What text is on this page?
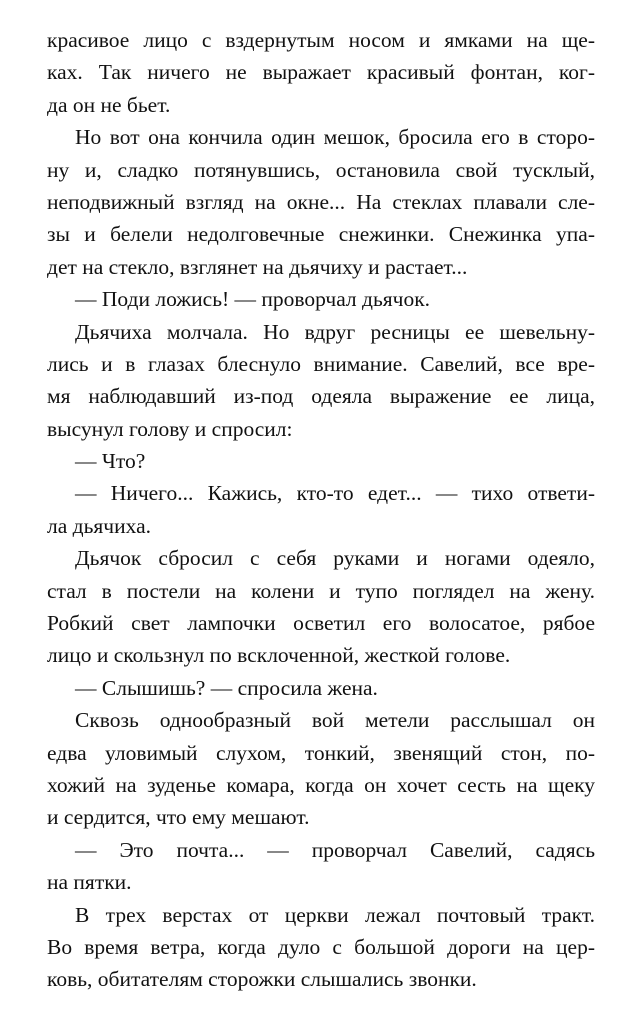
красивое лицо с вздернутым носом и ямками на ще-
ках. Так ничего не выражает красивый фонтан, ког-
да он не бьет.
Но вот она кончила один мешок, бросила его в сторо-
ну и, сладко потянувшись, остановила свой тусклый,
неподвижный взгляд на окне... На стеклах плавали сле-
зы и белели недолговечные снежинки. Снежинка упа-
дет на стекло, взглянет на дьячиху и растает...
— Поди ложись! — проворчал дьячок.
Дьячиха молчала. Но вдруг ресницы ее шевельну-
лись и в глазах блеснуло внимание. Савелий, все вре-
мя наблюдавший из-под одеяла выражение ее лица,
высунул голову и спросил:
— Что?
— Ничего... Кажись, кто-то едет... — тихо ответи-
ла дьячиха.
Дьячок сбросил с себя руками и ногами одеяло,
стал в постели на колени и тупо поглядел на жену.
Робкий свет лампочки осветил его волосатое, рябое
лицо и скользнул по всклоченной, жесткой голове.
— Слышишь? — спросила жена.
Сквозь однообразный вой метели расслышал он
едва уловимый слухом, тонкий, звенящий стон, по-
хожий на зуденье комара, когда он хочет сесть на щеку
и сердится, что ему мешают.
— Это почта... — проворчал Савелий, садясь
на пятки.
В трех верстах от церкви лежал почтовый тракт.
Во время ветра, когда дуло с большой дороги на цер-
ковь, обитателям сторожки слышались звонки.
